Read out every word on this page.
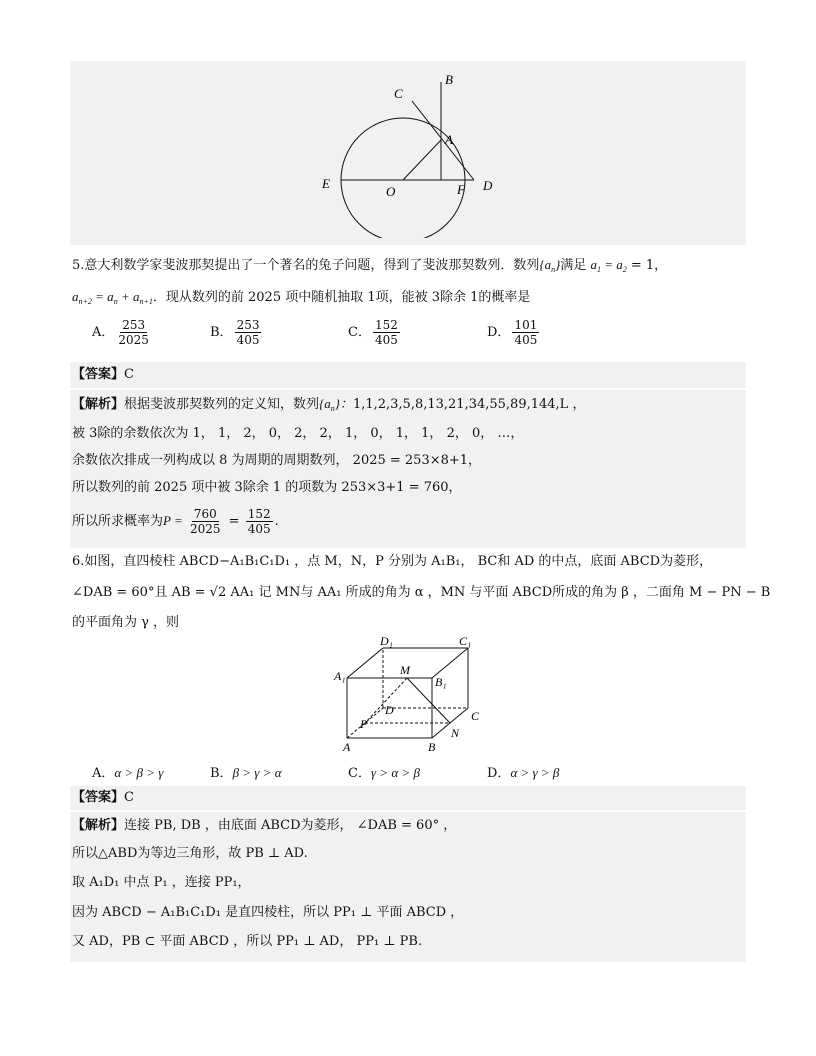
B
C
A
E
O	F D
5.意大利数学家斐波那契提出了一个著名的兔子问题，得到了斐波那契数列．数列$\{a_n\}$满足 $a_1 = a_2 = 1$，
$a_{n+2} = a_n + a_{n+1}$．现从数列的前 2025 项中随机抽取 1项，能被 3除余 1的概率是
A． $\frac{253}{2025}$	B． $\frac{253}{405}$	C． $\frac{152}{405}$	D． $\frac{101}{405}$
【答案】C
【解析】根据斐波那契数列的定义知，数列$\{a_n\}$：1,1,2,3,5,8,13,21,34,55,89,144,L ，
被 3除的余数依次为 1， 1， 2， 0， 2， 2， 1， 0， 1， 1， 2， 0， …，
余数依次排成一列构成以 8 为周期的周期数列， 2025 = 253×8+1，
所以数列的前 2025 项中被 3除余 1 的项数为 253×3+1 = 760，
所以所求概率为$P = \frac{760}{2025} = \frac{152}{405}$ .
6.如图，直四棱柱 ABCD−A₁B₁C₁D₁ ，点 M，N，P 分别为 A₁B₁， BC和 AD 的中点，底面 ABCD为菱形，
∠DAB = 60°且 AB = √2 AA₁ 记 MN与 AA₁ 所成的角为 α ，MN 与平面 ABCD所成的角为 β ，二面角 M − PN − B
的平面角为 γ ，则
D₁	C₁
A₁	M
B₁
D	C
P
N
A	B
A．α > β > γ	B．β > γ > α	C．γ > α > β	D．α > γ > β
【答案】C
【解析】连接 PB, DB ，由底面 ABCD为菱形， ∠DAB = 60° ，
所以△ABD为等边三角形，故 PB ⊥ AD.
取 A₁D₁ 中点 P₁ ，连接 PP₁，
因为 ABCD − A₁B₁C₁D₁ 是直四棱柱，所以 PP₁ ⊥ 平面 ABCD ，
又 AD，PB ⊂ 平面 ABCD ，所以 PP₁ ⊥ AD， PP₁ ⊥ PB.
